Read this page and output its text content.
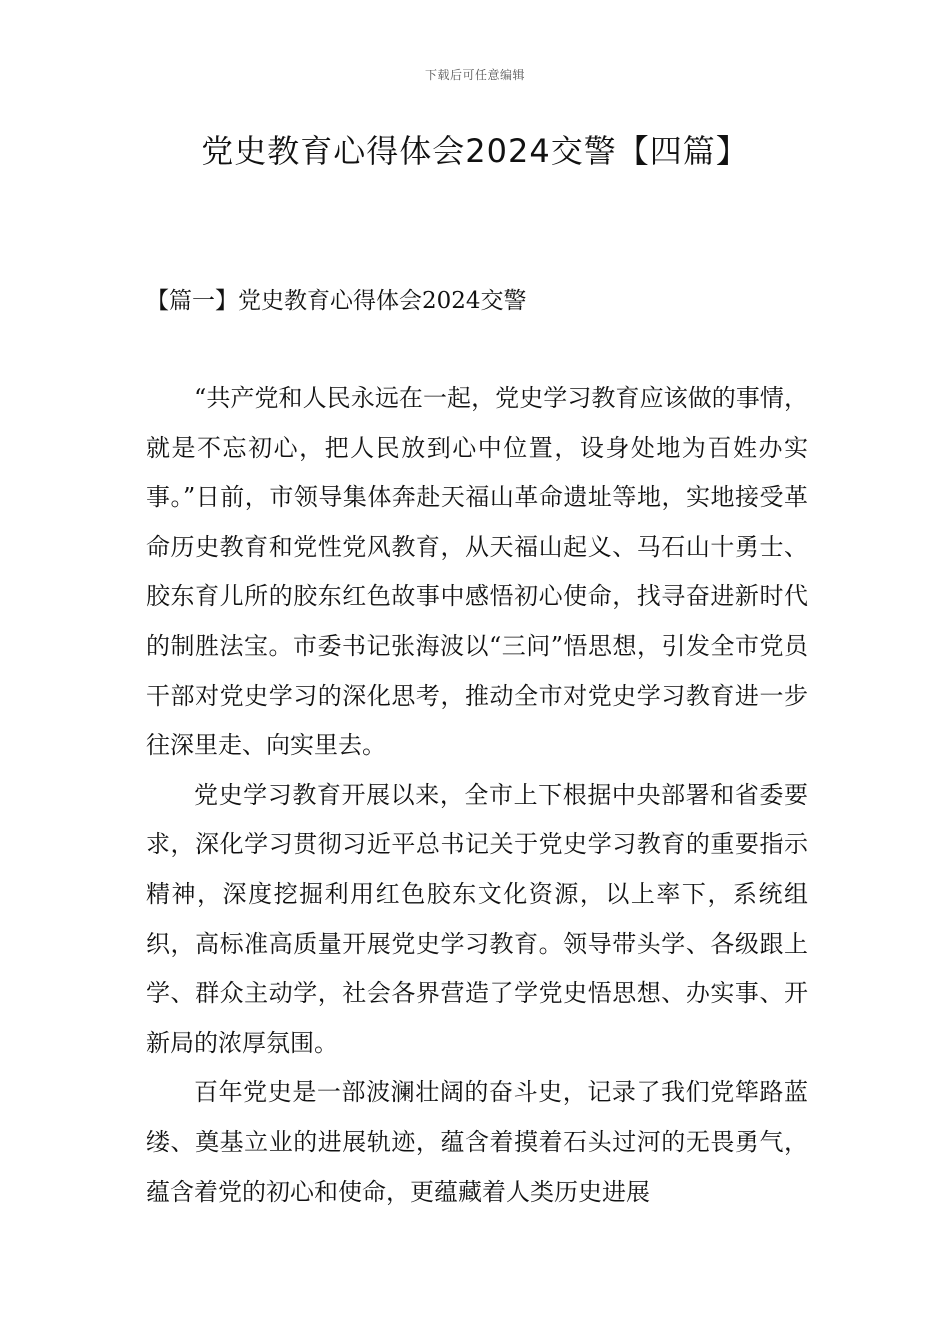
下载后可任意编辑
党史教育心得体会2024交警【四篇】
【篇一】党史教育心得体会2024交警

“共产党和人民永远在一起，党史学习教育应该做的事情，就是不忘初心，把人民放到心中位置，设身处地为百姓办实事。”日前，市领导集体奔赴天福山革命遗址等地，实地接受革命历史教育和党性党风教育，从天福山起义、马石山十勇士、胶东育儿所的胶东红色故事中感悟初心使命，找寻奋进新时代的制胜法宝。市委书记张海波以“三问”悟思想，引发全市党员干部对党史学习的深化思考，推动全市对党史学习教育进一步往深里走、向实里去。

党史学习教育开展以来，全市上下根据中央部署和省委要求，深化学习贯彻习近平总书记关于党史学习教育的重要指示精神，深度挖掘利用红色胶东文化资源，以上率下，系统组织，高标准高质量开展党史学习教育。领导带头学、各级跟上学、群众主动学，社会各界营造了学党史悟思想、办实事、开新局的浓厚氛围。

百年党史是一部波澜壮阔的奋斗史，记录了我们党筚路蓝缕、奠基立业的进展轨迹，蕴含着摸着石头过河的无畏勇气，蕴含着党的初心和使命，更蕴藏着人类历史进展
